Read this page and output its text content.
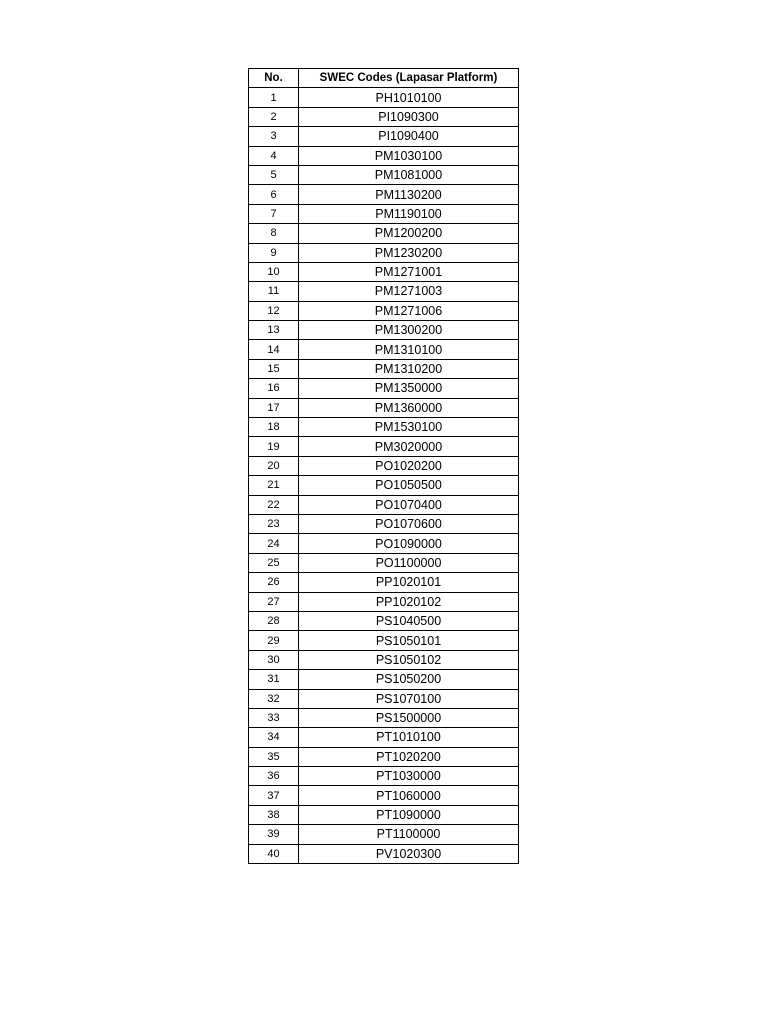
No.	SWEC Codes (Lapasar Platform)
1	PH1010100
2	PI1090300
3	PI1090400
4	PM1030100
5	PM1081000
6	PM1130200
7	PM1190100
8	PM1200200
9	PM1230200
10	PM1271001
11	PM1271003
12	PM1271006
13	PM1300200
14	PM1310100
15	PM1310200
16	PM1350000
17	PM1360000
18	PM1530100
19	PM3020000
20	PO1020200
21	PO1050500
22	PO1070400
23	PO1070600
24	PO1090000
25	PO1100000
26	PP1020101
27	PP1020102
28	PS1040500
29	PS1050101
30	PS1050102
31	PS1050200
32	PS1070100
33	PS1500000
34	PT1010100
35	PT1020200
36	PT1030000
37	PT1060000
38	PT1090000
39	PT1100000
40	PV1020300
